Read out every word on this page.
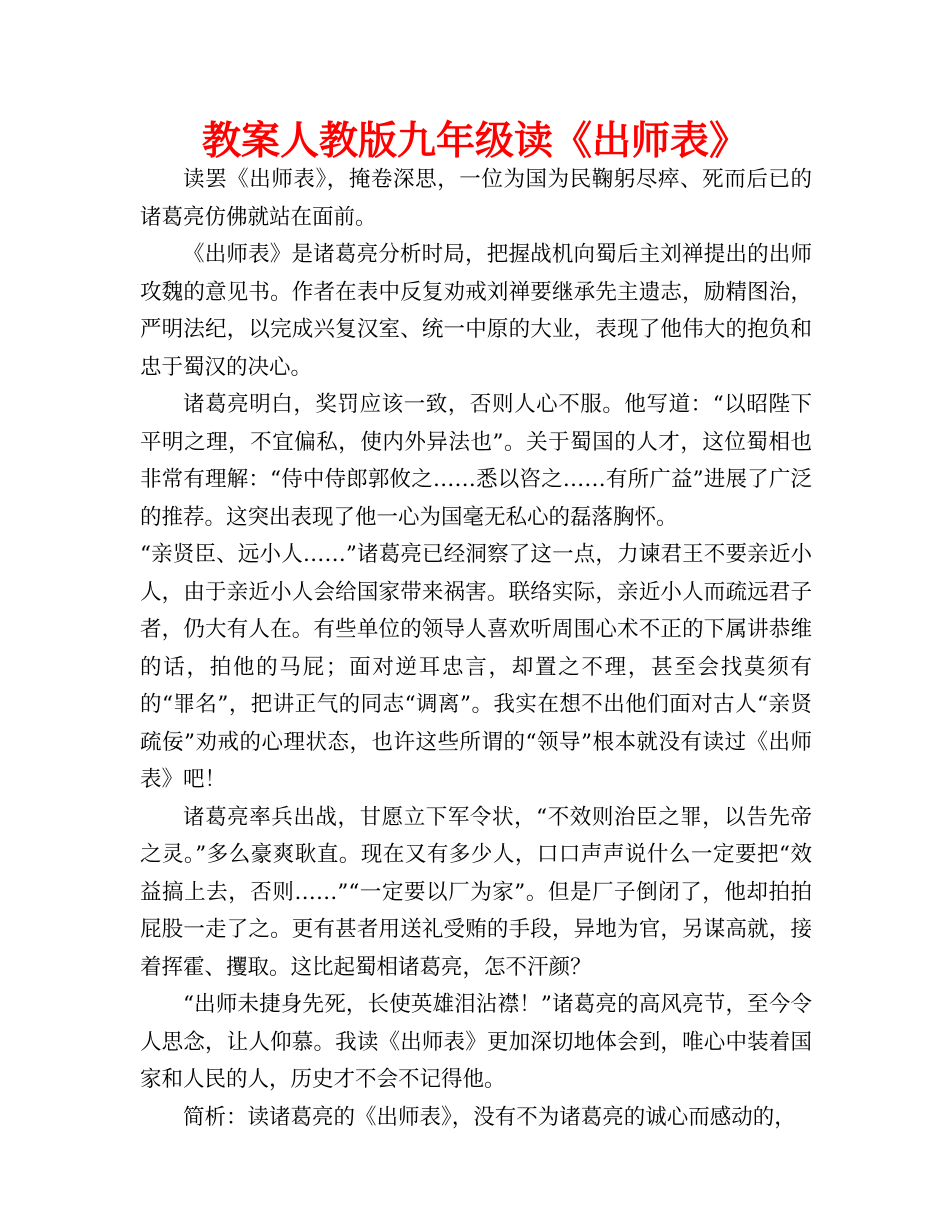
教案人教版九年级读《出师表》

读罢《出师表》，掩卷深思，一位为国为民鞠躬尽瘁、死而后已的诸葛亮仿佛就站在面前。

《出师表》是诸葛亮分析时局，把握战机向蜀后主刘禅提出的出师攻魏的意见书。作者在表中反复劝戒刘禅要继承先主遗志，励精图治，严明法纪，以完成兴复汉室、统一中原的大业，表现了他伟大的抱负和忠于蜀汉的决心。

诸葛亮明白，奖罚应该一致，否则人心不服。他写道：“以昭陛下平明之理，不宜偏私，使内外异法也”。关于蜀国的人才，这位蜀相也非常有理解：“侍中侍郎郭攸之……悉以咨之……有所广益”进展了广泛的推荐。这突出表现了他一心为国毫无私心的磊落胸怀。

“亲贤臣、远小人……”诸葛亮已经洞察了这一点，力谏君王不要亲近小人，由于亲近小人会给国家带来祸害。联络实际，亲近小人而疏远君子者，仍大有人在。有些单位的领导人喜欢听周围心术不正的下属讲恭维的话，拍他的马屁；面对逆耳忠言，却置之不理，甚至会找莫须有的“罪名”，把讲正气的同志“调离”。我实在想不出他们面对古人“亲贤疏佞”劝戒的心理状态，也许这些所谓的“领导”根本就没有读过《出师表》吧！

诸葛亮率兵出战，甘愿立下军令状，“不效则治臣之罪，以告先帝之灵。”多么豪爽耿直。现在又有多少人，口口声声说什么一定要把“效益搞上去，否则……”“一定要以厂为家”。但是厂子倒闭了，他却拍拍屁股一走了之。更有甚者用送礼受贿的手段，异地为官，另谋高就，接着挥霍、攫取。这比起蜀相诸葛亮，怎不汗颜？

“出师未捷身先死，长使英雄泪沾襟！”诸葛亮的高风亮节，至今令人思念，让人仰慕。我读《出师表》更加深切地体会到，唯心中装着国家和人民的人，历史才不会不记得他。

简析：读诸葛亮的《出师表》，没有不为诸葛亮的诚心而感动的，
